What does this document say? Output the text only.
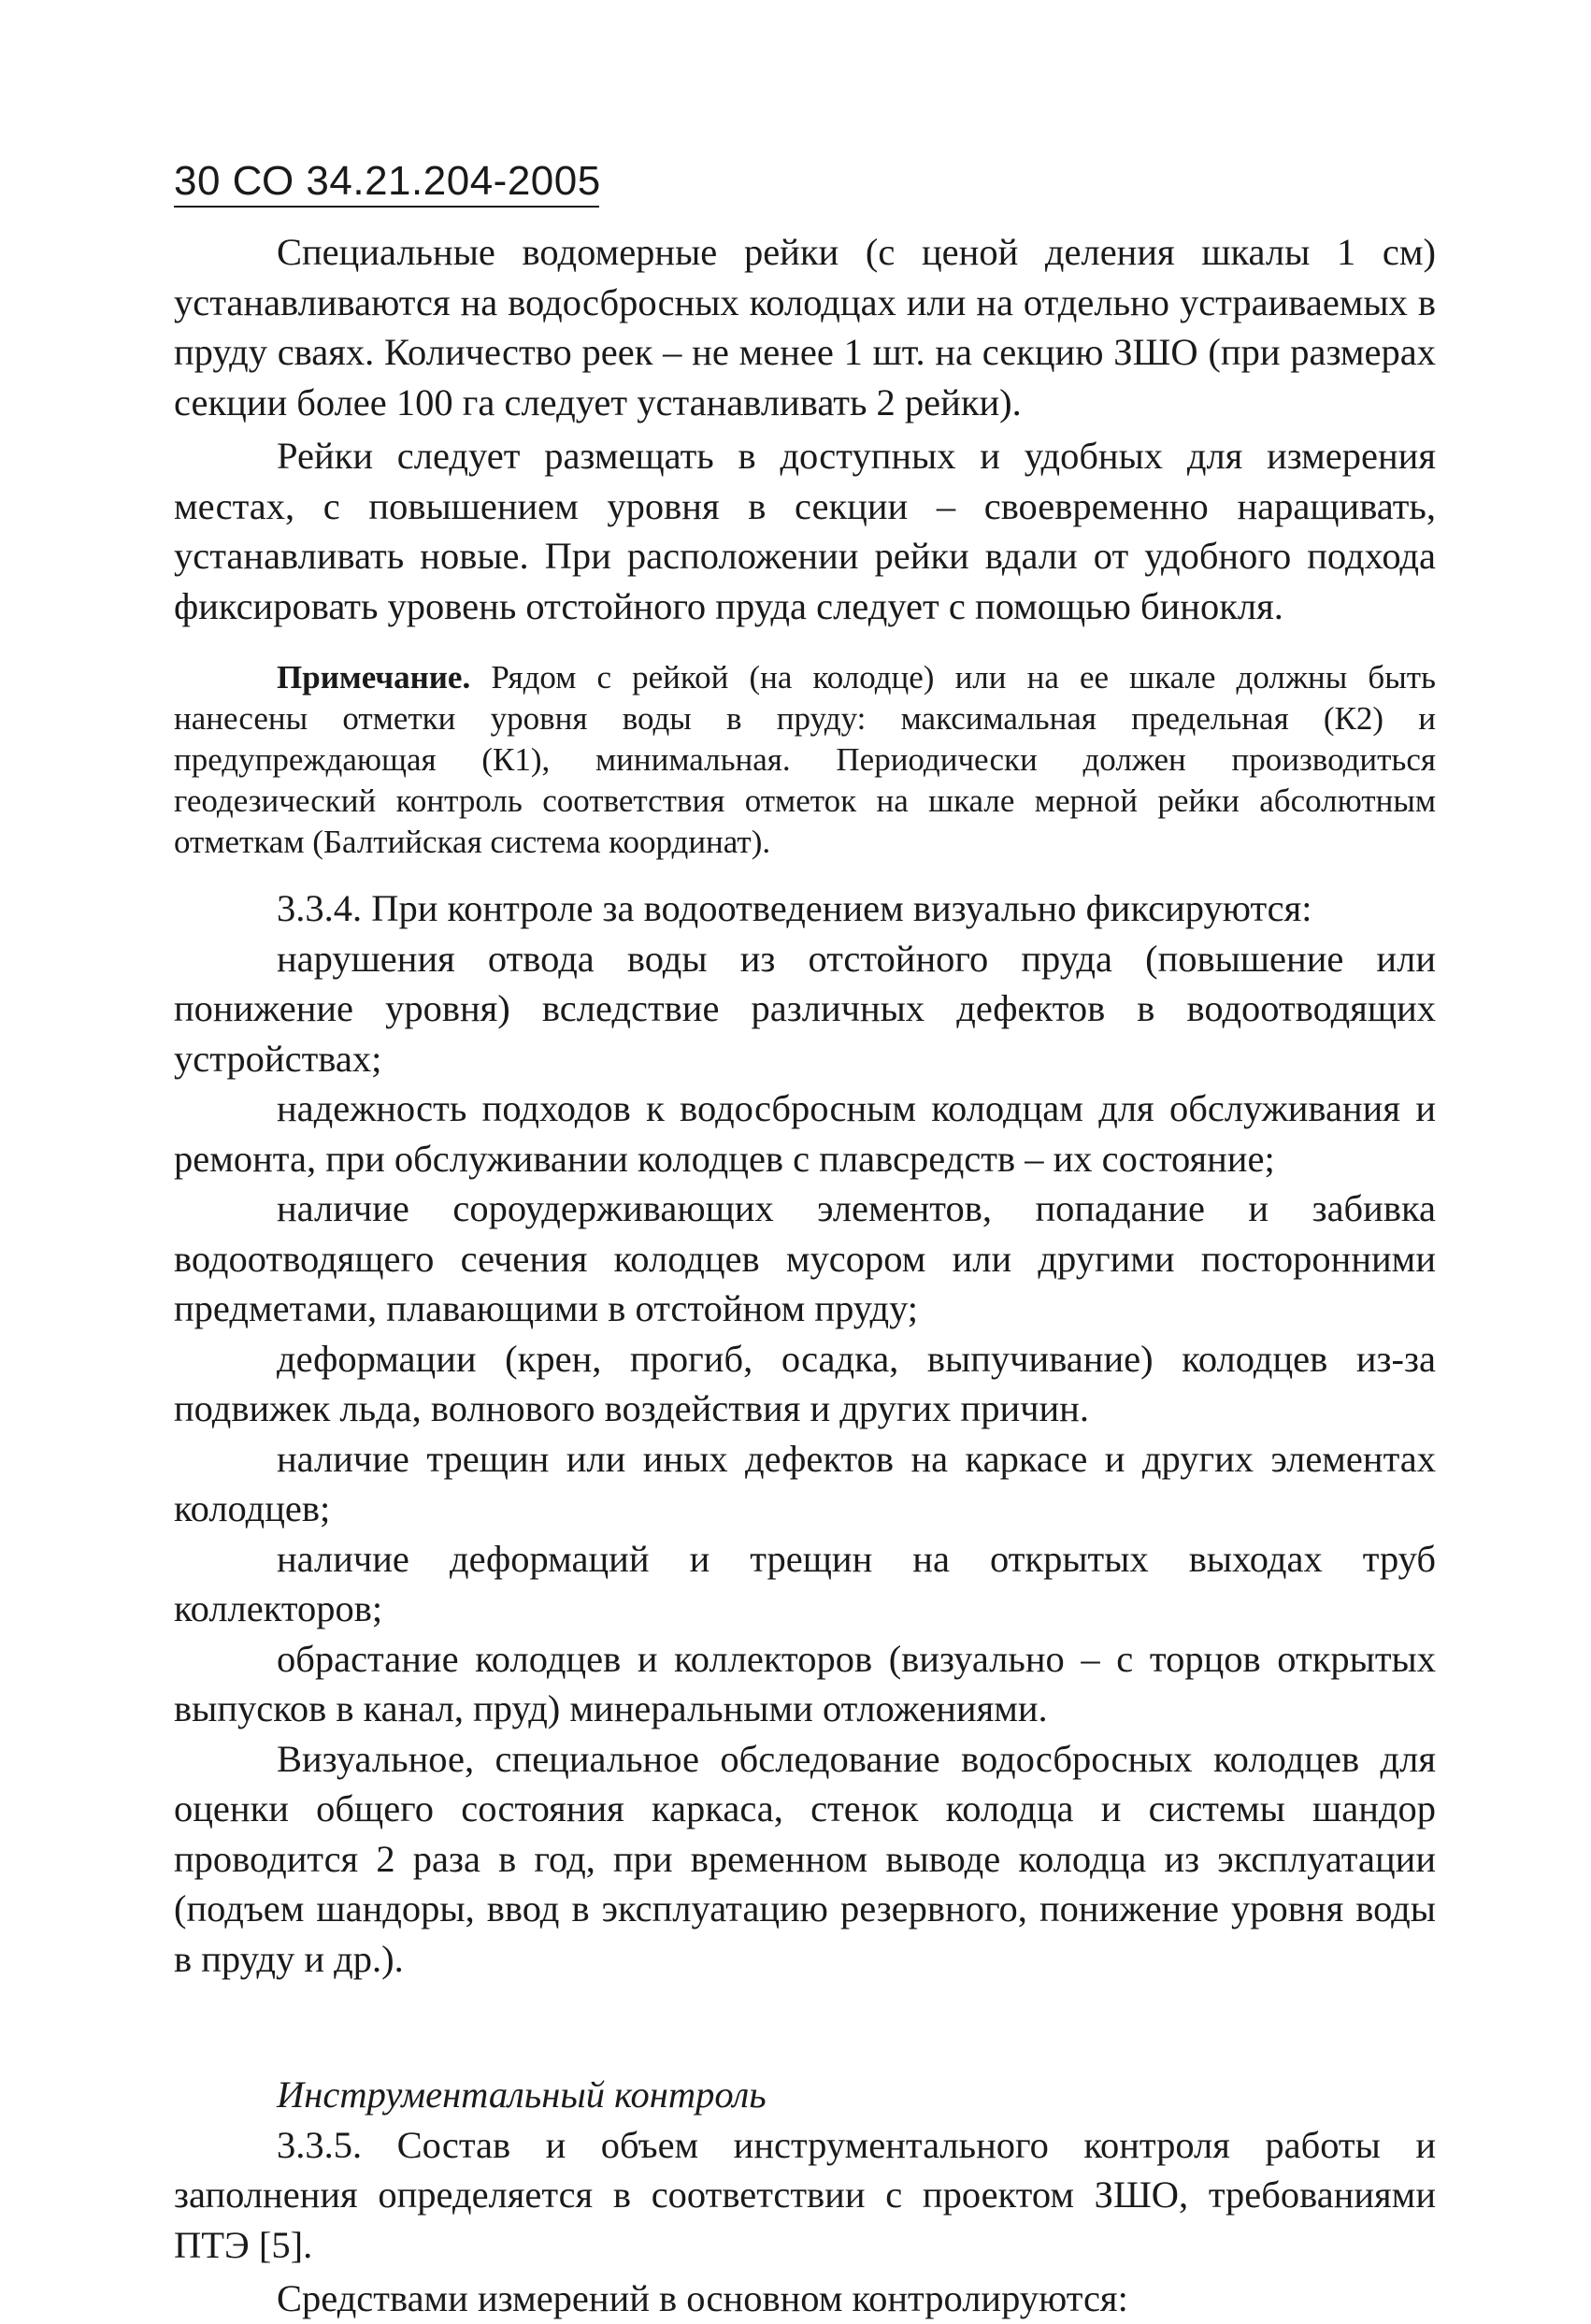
30 СО 34.21.204-2005

Специальные водомерные рейки (с ценой деления шкалы 1 см) устанавливаются на водосбросных колодцах или на отдельно устраиваемых в пруду сваях. Количество реек – не менее 1 шт. на секцию ЗШО (при размерах секции более 100 га следует устанавливать 2 рейки).

Рейки следует размещать в доступных и удобных для измерения местах, с повышением уровня в секции – своевременно наращивать, устанавливать новые. При расположении рейки вдали от удобного подхода фиксировать уровень отстойного пруда следует с помощью бинокля.

Примечание. Рядом с рейкой (на колодце) или на ее шкале должны быть нанесены отметки уровня воды в пруду: максимальная предельная (К2) и предупреждающая (К1), минимальная. Периодически должен производиться геодезический контроль соответствия отметок на шкале мерной рейки абсолютным отметкам (Балтийская система координат).

3.3.4. При контроле за водоотведением визуально фиксируются:

нарушения отвода воды из отстойного пруда (повышение или понижение уровня) вследствие различных дефектов в водоотводящих устройствах;

надежность подходов к водосбросным колодцам для обслуживания и ремонта, при обслуживании колодцев с плавсредств – их состояние;

наличие сороудерживающих элементов, попадание и забивка водоотводящего сечения колодцев мусором или другими посторонними предметами, плавающими в отстойном пруду;

деформации (крен, прогиб, осадка, выпучивание) колодцев из-за подвижек льда, волнового воздействия и других причин.

наличие трещин или иных дефектов на каркасе и других элементах колодцев;

наличие деформаций и трещин на открытых выходах труб коллекторов;

обрастание колодцев и коллекторов (визуально – с торцов открытых выпусков в канал, пруд) минеральными отложениями.

Визуальное, специальное обследование водосбросных колодцев для оценки общего состояния каркаса, стенок колодца и системы шандор проводится 2 раза в год, при временном выводе колодца из эксплуатации (подъем шандоры, ввод в эксплуатацию резервного, понижение уровня воды в пруду и др.).

Инструментальный контроль

3.3.5. Состав и объем инструментального контроля работы и заполнения определяется в соответствии с проектом ЗШО, требованиями ПТЭ [5].

Средствами измерений в основном контролируются:
